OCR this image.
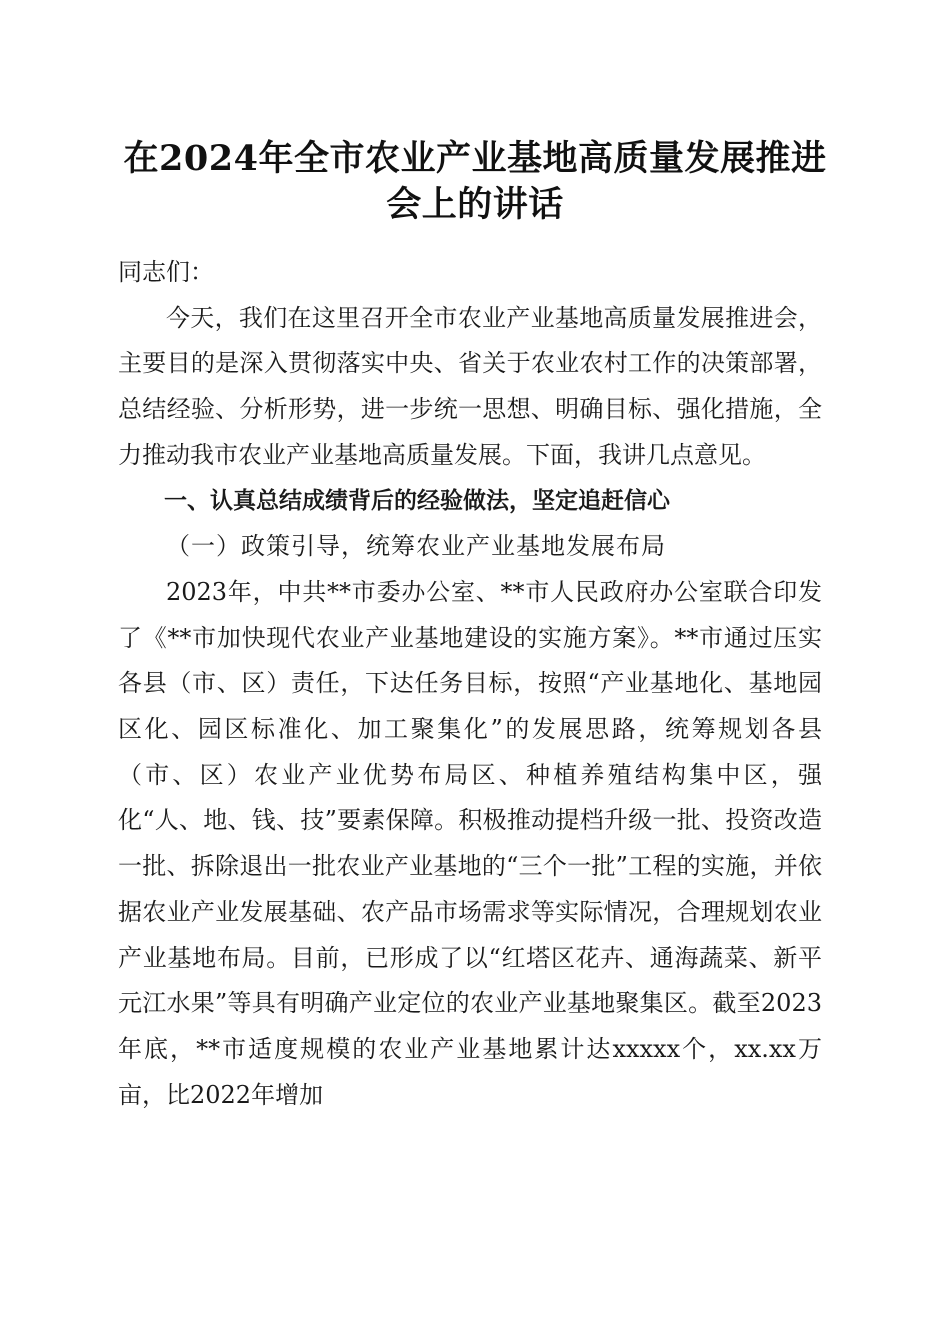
在2024年全市农业产业基地高质量发展推进会上的讲话

同志们：

今天，我们在这里召开全市农业产业基地高质量发展推进会，主要目的是深入贯彻落实中央、省关于农业农村工作的决策部署，总结经验、分析形势，进一步统一思想、明确目标、强化措施，全力推动我市农业产业基地高质量发展。下面，我讲几点意见。

一、认真总结成绩背后的经验做法，坚定追赶信心

（一）政策引导，统筹农业产业基地发展布局

2023年，中共**市委办公室、**市人民政府办公室联合印发了《**市加快现代农业产业基地建设的实施方案》。**市通过压实各县（市、区）责任，下达任务目标，按照“产业基地化、基地园区化、园区标准化、加工聚集化”的发展思路，统筹规划各县（市、区）农业产业优势布局区、种植养殖结构集中区，强化“人、地、钱、技”要素保障。积极推动提档升级一批、投资改造一批、拆除退出一批农业产业基地的“三个一批”工程的实施，并依据农业产业发展基础、农产品市场需求等实际情况，合理规划农业产业基地布局。目前，已形成了以“红塔区花卉、通海蔬菜、新平元江水果”等具有明确产业定位的农业产业基地聚集区。截至2023年底，**市适度规模的农业产业基地累计达xxxxx个，xx.xx万亩，比2022年增加
